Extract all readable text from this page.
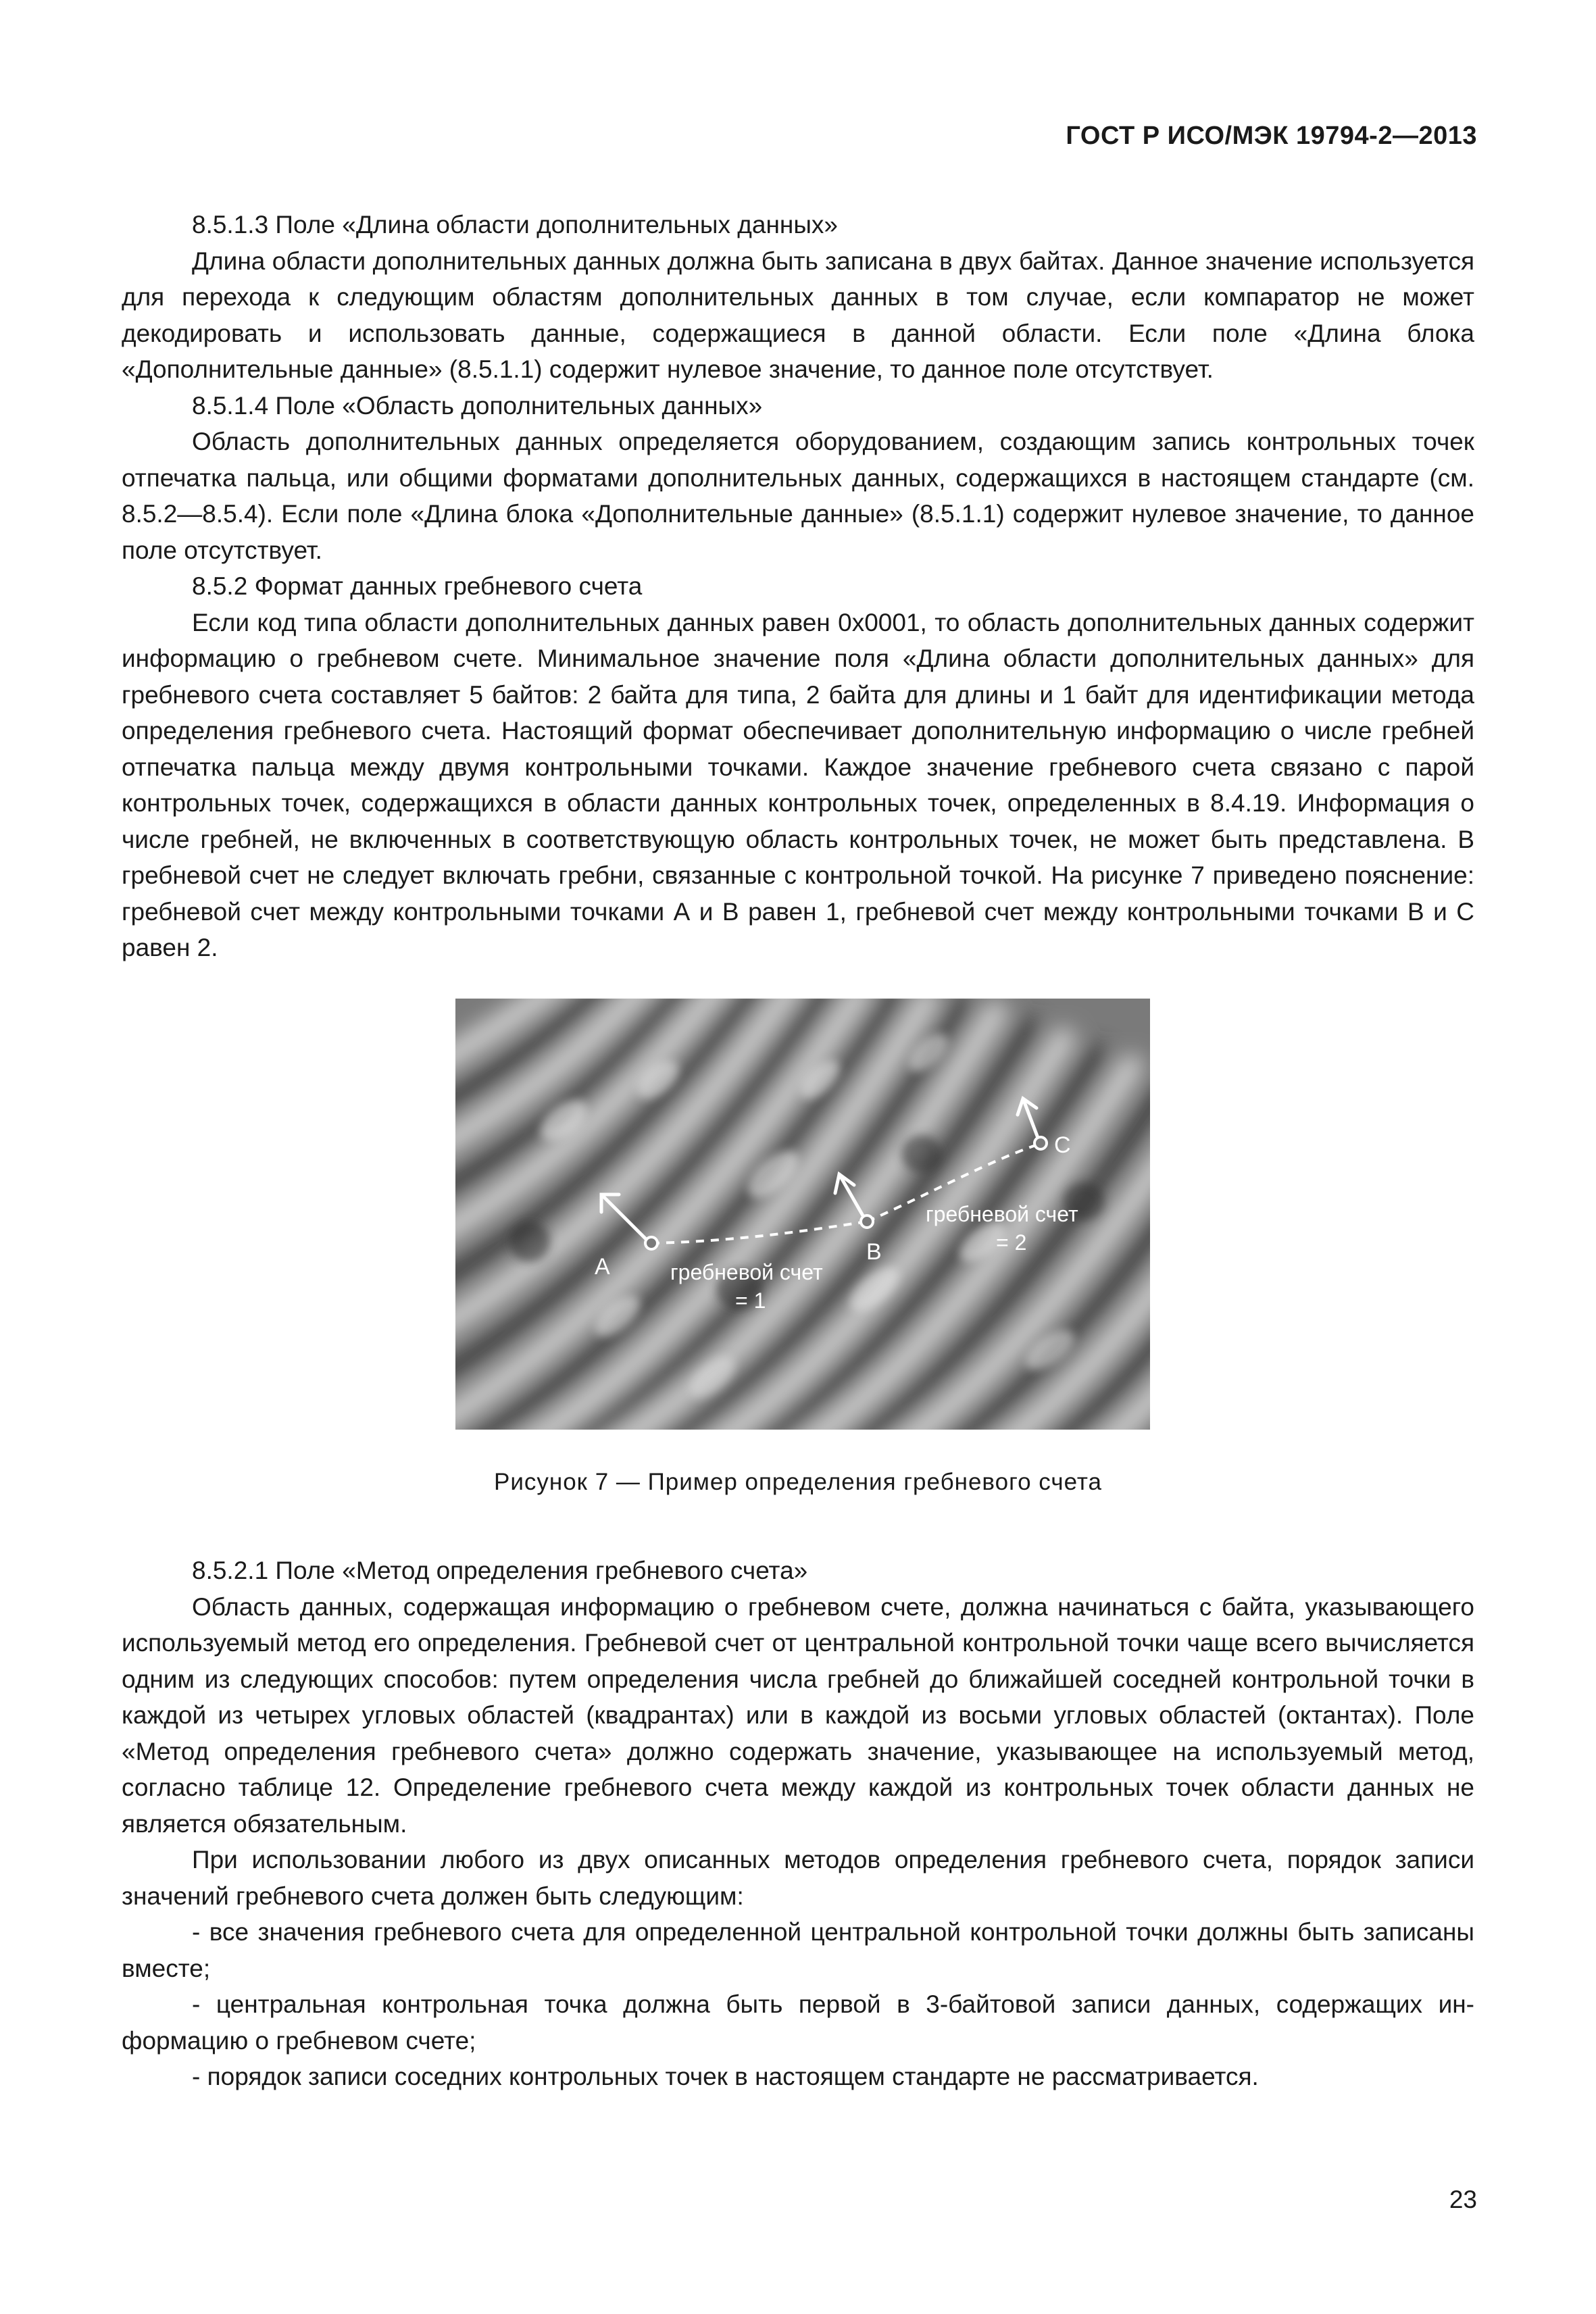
ГОСТ Р ИСО/МЭК 19794-2—2013

8.5.1.3 Поле «Длина области дополнительных данных»

Длина области дополнительных данных должна быть записана в двух байтах. Данное значение используется для перехода к следующим областям дополнительных данных в том случае, если компаратор не может декодировать и использовать данные, содержащиеся в данной области. Если поле «Длина блока «Дополнительные данные» (8.5.1.1) содержит нулевое значение, то данное поле отсутствует.

8.5.1.4 Поле «Область дополнительных данных»

Область дополнительных данных определяется оборудованием, создающим запись контрольных точек отпечатка пальца, или общими форматами дополнительных данных, содержащихся в настоящем стандарте (см. 8.5.2—8.5.4). Если поле «Длина блока «Дополнительные данные» (8.5.1.1) содержит нулевое значение, то данное поле отсутствует.

8.5.2 Формат данных гребневого счета

Если код типа области дополнительных данных равен 0x0001, то область дополнительных данных содержит информацию о гребневом счете. Минимальное значение поля «Длина области дополнительных данных» для гребневого счета составляет 5 байтов: 2 байта для типа, 2 байта для длины и 1 байт для идентификации метода определения гребневого счета. Настоящий формат обеспечивает дополнительную информацию о числе гребней отпечатка пальца между двумя контрольными точками. Каждое значение гребневого счета связано с парой контрольных точек, содержащихся в области данных контрольных точек, определенных в 8.4.19. Информация о числе гребней, не включенных в соответствующую область контрольных точек, не может быть представлена. В гребневой счет не следует включать гребни, связанные с контрольной точкой. На рисунке 7 приведено пояснение: гребневой счет между контрольными точками А и В равен 1, гребневой счет между контрольными точками В и С равен 2.

A
B
C
гребневой счет
= 1
гребневой счет
= 2
Рисунок 7 — Пример определения гребневого счета

8.5.2.1 Поле «Метод определения гребневого счета»

Область данных, содержащая информацию о гребневом счете, должна начинаться с байта, указывающего используемый метод его определения. Гребневой счет от центральной контрольной точки чаще всего вычисляется одним из следующих способов: путем определения числа гребней до ближайшей соседней контрольной точки в каждой из четырех угловых областей (квадрантах) или в каждой из восьми угловых областей (октантах). Поле «Метод определения гребневого счета» должно содержать значение, указывающее на используемый метод, согласно таблице 12. Определение гребневого счета между каждой из контрольных точек области данных не является обязательным.

При использовании любого из двух описанных методов определения гребневого счета, порядок записи значений гребневого счета должен быть следующим:

- все значения гребневого счета для определенной центральной контрольной точки должны быть записаны вместе;

- центральная контрольная точка должна быть первой в 3-байтовой записи данных, содержащих информацию о гребневом счете;

- порядок записи соседних контрольных точек в настоящем стандарте не рассматривается.

23
